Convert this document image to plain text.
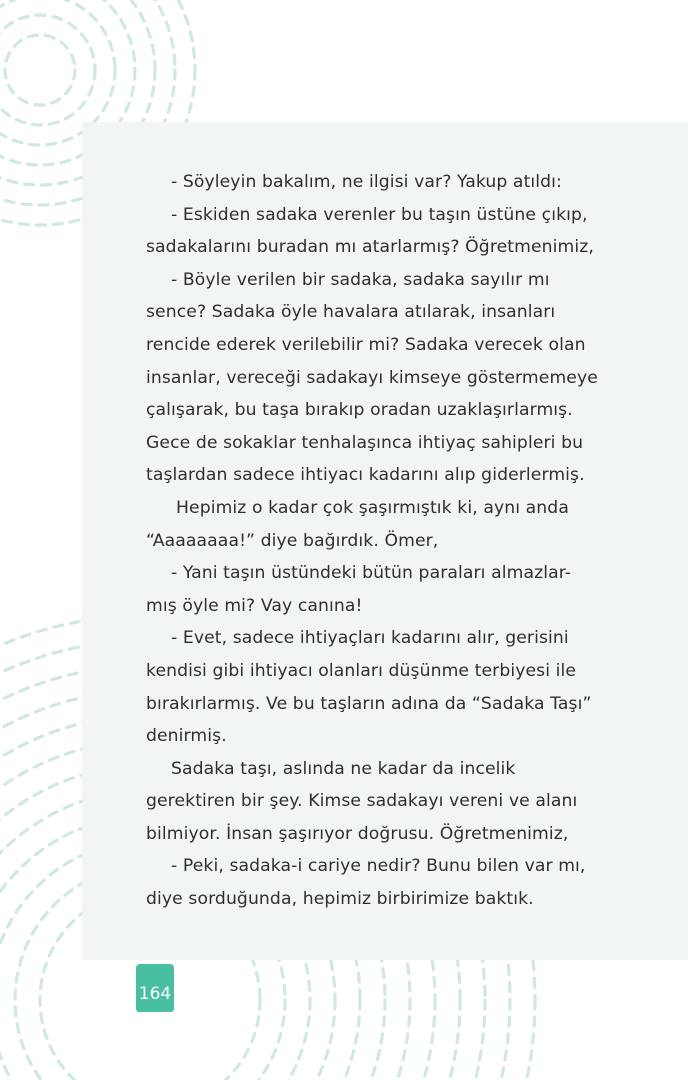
- Söyleyin bakalım, ne ilgisi var? Yakup atıldı:
- Eskiden sadaka verenler bu taşın üstüne çıkıp,
sadakalarını buradan mı atarlarmış? Öğretmenimiz,
- Böyle verilen bir sadaka, sadaka sayılır mı
sence? Sadaka öyle havalara atılarak, insanları
rencide ederek verilebilir mi? Sadaka verecek olan
insanlar, vereceği sadakayı kimseye göstermemeye
çalışarak, bu taşa bırakıp oradan uzaklaşırlarmış.
Gece de sokaklar tenhalaşınca ihtiyaç sahipleri bu
taşlardan sadece ihtiyacı kadarını alıp giderlermiş.
Hepimiz o kadar çok şaşırmıştık ki, aynı anda
“Aaaaaaaa!” diye bağırdık. Ömer,
- Yani taşın üstündeki bütün paraları almazlar-
mış öyle mi? Vay canına!
- Evet, sadece ihtiyaçları kadarını alır, gerisini
kendisi gibi ihtiyacı olanları düşünme terbiyesi ile
bırakırlarmış. Ve bu taşların adına da “Sadaka Taşı”
denirmiş.
Sadaka taşı, aslında ne kadar da incelik
gerektiren bir şey. Kimse sadakayı vereni ve alanı
bilmiyor. İnsan şaşırıyor doğrusu. Öğretmenimiz,
- Peki, sadaka-i cariye nedir? Bunu bilen var mı,
diye sorduğunda, hepimiz birbirimize baktık.
164
